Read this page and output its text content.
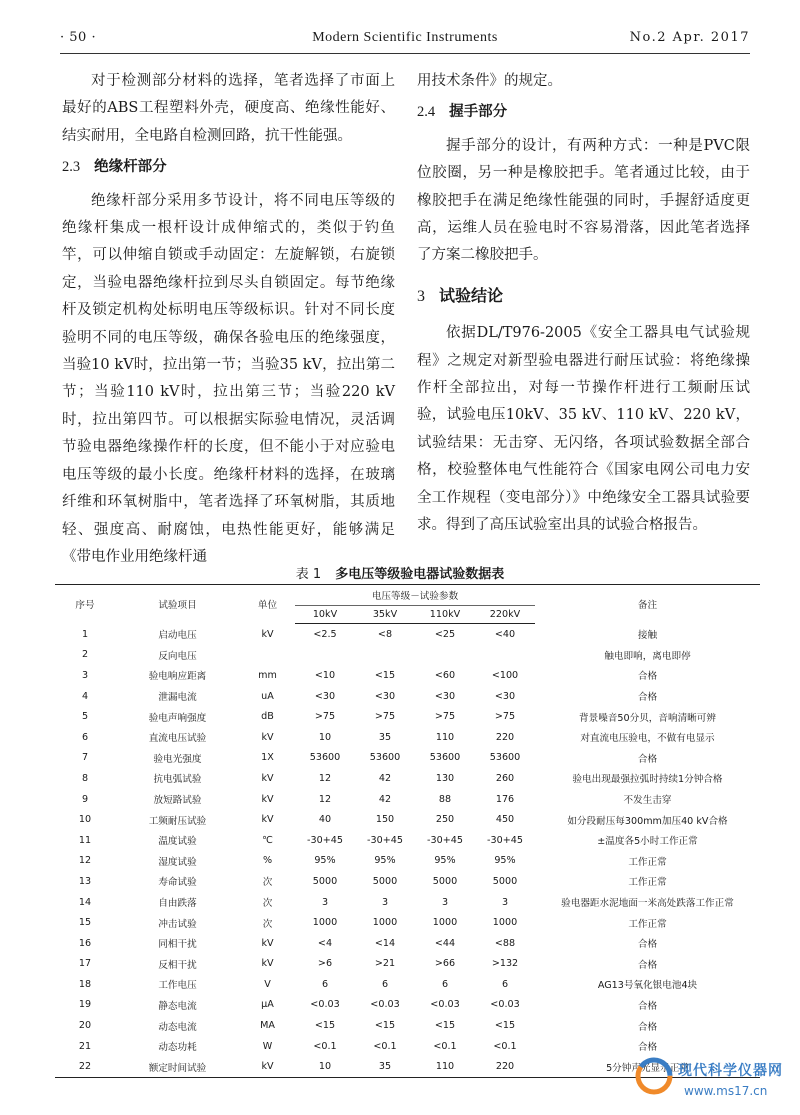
· 50 ·	Modern Scientific Instruments	No.2 Apr. 2017

对于检测部分材料的选择，笔者选择了市面上最好的ABS工程塑料外壳，硬度高、绝缘性能好、结实耐用，全电路自检测回路，抗干性能强。

2.3 绝缘杆部分

绝缘杆部分采用多节设计，将不同电压等级的绝缘杆集成一根杆设计成伸缩式的，类似于钓鱼竿，可以伸缩自锁或手动固定：左旋解锁，右旋锁定，当验电器绝缘杆拉到尽头自锁固定。每节绝缘杆及锁定机构处标明电压等级标识。针对不同长度验明不同的电压等级，确保各验电压的绝缘强度，当验10 kV时，拉出第一节；当验35 kV，拉出第二节；当验110 kV时，拉出第三节；当验220 kV时，拉出第四节。可以根据实际验电情况，灵活调节验电器绝缘操作杆的长度，但不能小于对应验电电压等级的最小长度。绝缘杆材料的选择，在玻璃纤维和环氧树脂中，笔者选择了环氧树脂，其质地轻、强度高、耐腐蚀，电热性能更好，能够满足《带电作业用绝缘杆通

用技术条件》的规定。

2.4 握手部分

握手部分的设计，有两种方式：一种是PVC限位胶圈，另一种是橡胶把手。笔者通过比较，由于橡胶把手在满足绝缘性能强的同时，手握舒适度更高，运维人员在验电时不容易滑落，因此笔者选择了方案二橡胶把手。

3 试验结论

依据DL/T976-2005《安全工器具电气试验规程》之规定对新型验电器进行耐压试验：将绝缘操作杆全部拉出，对每一节操作杆进行工频耐压试验，试验电压10kV、35 kV、110 kV、220 kV，试验结果：无击穿、无闪络，各项试验数据全部合格，校验整体电气性能符合《国家电网公司电力安全工作规程（变电部分）》中绝缘安全工器具试验要求。得到了高压试验室出具的试验合格报告。

表 1 多电压等级验电器试验数据表
序号	试验项目	单位	电压等级－试验参数				备注
			10kV	35kV	110kV	220kV	
1	启动电压	kV	<2.5	<8	<25	<40	接触
2	反向电压						触电即响，离电即停
3	验电响应距离	mm	<10	<15	<60	<100	合格
4	泄漏电流	uA	<30	<30	<30	<30	合格
5	验电声响强度	dB	>75	>75	>75	>75	背景噪音50分贝，音响清晰可辨
6	直流电压试验	kV	10	35	110	220	对直流电压验电，不做有电显示
7	验电光强度	1X	53600	53600	53600	53600	合格
8	抗电弧试验	kV	12	42	130	260	验电出现最强拉弧时持续1分钟合格
9	放短路试验	kV	12	42	88	176	不发生击穿
10	工频耐压试验	kV	40	150	250	450	如分段耐压每300mm加压40 kV合格
11	温度试验	℃	-30+45	-30+45	-30+45	-30+45	±温度各5小时工作正常
12	湿度试验	%	95%	95%	95%	95%	工作正常
13	寿命试验	次	5000	5000	5000	5000	工作正常
14	自由跌落	次	3	3	3	3	验电器距水泥地面一米高处跌落工作正常
15	冲击试验	次	1000	1000	1000	1000	工作正常
16	同相干扰	kV	<4	<14	<44	<88	合格
17	反相干扰	kV	>6	>21	>66	>132	合格
18	工作电压	V	6	6	6	6	AG13号氧化银电池4块
19	静态电流	μA	<0.03	<0.03	<0.03	<0.03	合格
20	动态电流	MA	<15	<15	<15	<15	合格
21	动态功耗	W	<0.1	<0.1	<0.1	<0.1	合格
22	额定时间试验	kV	10	35	110	220	5分钟声光显示正常
现代科学仪器网
www.ms17.cn
